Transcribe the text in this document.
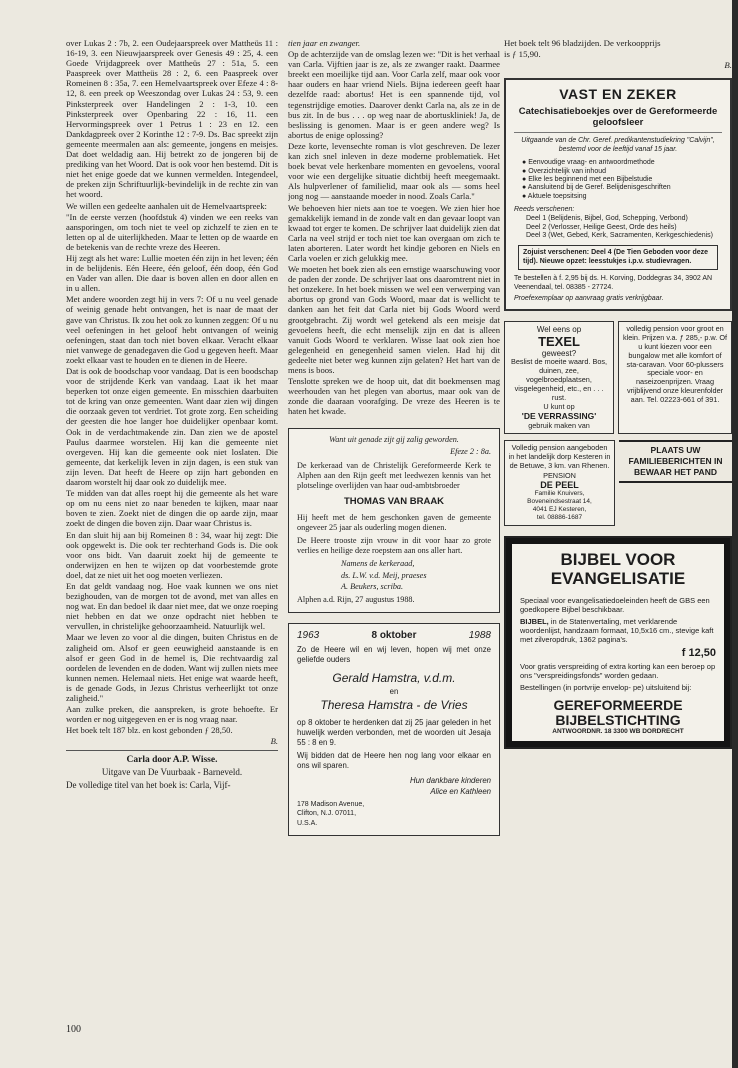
over Lukas 2 : 7b, 2. een Oudejaarspreek over Mattheüs 11 : 16-19, 3. een Nieuwjaarspreek over Genesis 49 : 25, 4. een Goede Vrijdagpreek over Mattheüs 27 : 51a, 5. een Paaspreek over Mattheüs 28 : 2, 6. een Paaspreek over Romeinen 8 : 35a, 7. een Hemelvaartspreek over Efeze 4 : 8-12, 8. een preek op Weeszondag over Lukas 24 : 53, 9. een Pinksterpreek over Handelingen 2 : 1-3, 10. een Pinksterpreek over Openbaring 22 : 16, 11. een Hervormingspreek over 1 Petrus 1 : 23 en 12. een Dankdagpreek over 2 Korinthe 12 : 7-9. Ds. Bac spreekt zijn gemeente meermalen aan als: gemeente, jongens en meisjes. Dat doet weldadig aan. Hij betrekt zo de jongeren bij de prediking van het Woord. Dat is ook voor hen bestemd. Dit is niet het enige goede dat we kunnen vermelden. Integendeel, de preken zijn Schriftuurlijk-bevindelijk in de rechte zin van het woord.

We willen een gedeelte aanhalen uit de Hemelvaartspreek:

"In de eerste verzen (hoofdstuk 4) vinden we een reeks van aansporingen, om toch niet te veel op zichzelf te zien en te letten op al de uiterlijkheden. Maar te letten op de waarde en de betekenis van de rechte vreze des Heeren.

Hij zegt als het ware: Lullie moeten één zijn in het leven; één in de belijdenis. Eén Heere, één geloof, één doop, één God en Vader van allen. Die daar is boven allen en door allen en in u allen.

Met andere woorden zegt hij in vers 7: Of u nu veel genade of weinig genade hebt ontvangen, het is naar de maat der gave van Christus. Ik zou het ook zo kunnen zeggen: Of u nu veel oefeningen in het geloof hebt ontvangen of weinig oefeningen, staat dan toch niet boven elkaar. Veracht elkaar niet vanwege de genadegaven die God u gegeven heeft. Maar zoekt elkaar vast te houden en te dienen in de Heere.

Dat is ook de boodschap voor vandaag. Dat is een boodschap voor de strijdende Kerk van vandaag. Laat ik het maar beperken tot onze eigen gemeente. En misschien daarbuiten tot de kring van onze gemeenten. Want daar zien wij dingen die oorzaak geven tot verdriet. Tot grote zorg. Een scheiding der geesten die hoe langer hoe duidelijker openbaar komt. Ook in de verdachtmakende zin. Dan zien we de apostel Paulus daarmee worstelen. Hij kan die gemeente niet overgeven. Hij kan die gemeente ook niet loslaten. Die gemeente, dat kerkelijk leven in zijn dagen, is een stuk van zijn leven. Dat heeft de Heere op zijn hart gebonden en daarom worstelt hij daar ook zo duidelijk mee.

Te midden van dat alles roept hij die gemeente als het ware op om nu eens niet zo naar beneden te kijken, maar naar boven te zien. Zoekt niet de dingen die op aarde zijn, maar zoekt de dingen die boven zijn. Daar waar Christus is.

En dan sluit hij aan bij Romeinen 8 : 34, waar hij zegt: Die ook opgewekt is. Die ook ter rechterhand Gods is. Die ook voor ons bidt. Van daaruit zoekt hij de gemeente te onderwijzen en hen te wijzen op dat voorbestemde grote doel, dat ze niet uit het oog moeten verliezen.

En dat geldt vandaag nog. Hoe vaak kunnen we ons niet bezighouden, van de morgen tot de avond, met van alles en nog wat. En dan bedoel ik daar niet mee, dat we onze roeping niet hebben en dat we onze opdracht niet hebben te vervullen, in christelijke gehoorzaamheid. Natuurlijk wel.

Maar we leven zo voor al die dingen, buiten Christus en de zaligheid om. Alsof er geen eeuwigheid aanstaande is en alsof er geen God in de hemel is, Die rechtvaardig zal oordelen de levenden en de doden. Want wij zullen niets mee kunnen nemen. Helemaal niets. Het enige wat waarde heeft, is de genade Gods, in Jezus Christus verheerlijkt tot onze zaligheid."

Aan zulke preken, die aanspreken, is grote behoefte. Er worden er nog uitgegeven en er is nog vraag naar.

Het boek telt 187 blz. en kost gebonden ƒ 28,50.

B.

Carla door A.P. Wisse.

Uitgave van De Vuurbaak - Barneveld.

De volledige titel van het boek is: Carla, Vijf-

100

tien jaar en zwanger.

Op de achterzijde van de omslag lezen we: "Dit is het verhaal van Carla. Vijftien jaar is ze, als ze zwanger raakt. Daarmee breekt een moeilijke tijd aan. Voor Carla zelf, maar ook voor haar ouders en haar vriend Niels. Bijna iedereen geeft haar dezelfde raad: abortus! Het is een spannende tijd, vol tegenstrijdige emoties. Daarover denkt Carla na, als ze in de bus zit. In de bus . . . op weg naar de abortuskliniek! Ja, de beslissing is genomen. Maar is er geen andere weg? Is abortus de enige oplossing?

Deze korte, levensechte roman is vlot geschreven. De lezer kan zich snel inleven in deze moderne problematiek. Het boek bevat vele herkenbare momenten en gevoelens, vooral voor wie een dergelijke situatie dichtbij heeft meegemaakt. Als hulpverlener of familielid, maar ook als — soms heel jong nog — aanstaande moeder in nood. Zoals Carla."

We behoeven hier niets aan toe te voegen. We zien hier hoe gemakkelijk iemand in de zonde valt en dan gevaar loopt van kwaad tot erger te komen. De schrijver laat duidelijk zien dat Carla na veel strijd er toch niet toe kan overgaan om zich te laten aborteren. Later wordt het kindje geboren en Niels en Carla voelen er zich gelukkig mee.

We moeten het boek zien als een ernstige waarschuwing voor de paden der zonde. De schrijver laat ons daaromtrent niet in het onzekere. In het boek missen we wel een verwerping van abortus op grond van Gods Woord, maar dat is wellicht te danken aan het feit dat Carla niet bij Gods Woord werd grootgebracht. Zij wordt wel getekend als een meisje dat gevoelens heeft, die echt menselijk zijn en dat is alleen vanuit Gods Woord te verklaren. Wisse laat ook zien hoe gelegenheid en genegenheid samen vielen. Had hij dit gedeelte niet beter weg kunnen zijn gelaten? Het hart van de mens is boos.

Tenslotte spreken we de hoop uit, dat dit boekmensen mag weerhouden van het plegen van abortus, maar ook van de zonde die daaraan voorafging. De vreze des Heeren is te haten het kwade.

Want uit genade zijt gij zalig geworden.

Efeze 2 : 8a.

De kerkeraad van de Christelijk Gereformeerde Kerk te Alphen aan den Rijn geeft met leedwezen kennis van het plotselinge overlijden van haar oud-ambtsbroeder

THOMAS VAN BRAAK

Hij heeft met de hem geschonken gaven de gemeente ongeveer 25 jaar als ouderling mogen dienen.

De Heere trooste zijn vrouw in dit voor haar zo grote verlies en heilige deze roepstem aan ons aller hart.

Namens de kerkeraad,

ds. L.W. v.d. Meij, praeses

A. Beukers, scriba.

Alphen a.d. Rijn, 27 augustus 1988.

1963	8 oktober	1988

Zo de Heere wil en wij leven, hopen wij met onze geliefde ouders

Gerald Hamstra, v.d.m.

en

Theresa Hamstra - de Vries

op 8 oktober te herdenken dat zij 25 jaar geleden in het huwelijk werden verbonden, met de woorden uit Jesaja 55 : 8 en 9.

Wij bidden dat de Heere hen nog lang voor elkaar en ons wil sparen.

Hun dankbare kinderen

Alice en Kathleen

178 Madison Avenue,

Clifton, N.J. 07011,

U.S.A.

Het boek telt 96 bladzijden. De verkoopprijs

is ƒ 15,90.

B.

VAST EN ZEKER
Catechisatieboekjes over de Gereformeerde geloofsleer
Uitgaande van de Chr. Geref. predikantenstudiekring "Calvijn", bestemd voor de leeftijd vanaf 15 jaar.
● Eenvoudige vraag- en antwoordmethode
● Overzichtelijk van inhoud
● Elke les beginnend met een Bijbelstudie
● Aansluitend bij de Geref. Belijdenisgeschriften
● Aktuele toepsitsing
Reeds verschenen:
Deel 1 (Belijdenis, Bijbel, God, Schepping, Verbond)
Deel 2 (Verlosser, Heilige Geest, Orde des heils)
Deel 3 (Wet, Gebed, Kerk, Sacramenten, Kerkgeschiedenis)
Zojuist verschenen: Deel 4 (De Tien Geboden voor deze tijd). Nieuwe opzet: leesstukjes i.p.v. studievragen.
Te bestellen à f. 2,95 bij ds. H. Korving, Doddegras 34, 3902 AN Veenendaal, tel. 08385 - 27724.
Proefexemplaar op aanvraag gratis verkrijgbaar.
Wel eens op
TEXEL
geweest?
Beslist de moeite waard. Bos, duinen, zee, vogelbroedplaatsen, visgelegenheid, etc., en . . . rust.
U kunt op
'DE VERRASSING'
gebruik maken van
volledig pension voor groot en klein. Prijzen v.a. ƒ 285,- p.w. Of u kunt kiezen voor een bungalow met alle komfort of sta-caravan. Voor 60-plussers speciale voor- en naseizoenprijzen. Vraag vrijblijvend onze kleurenfolder aan. Tel. 02223-661 of 391.
Volledig pension aangeboden in het landelijk dorp Kesteren in de Betuwe, 3 km. van Rhenen.
PENSION
DE PEEL
Familie Knuivers,
Boveneindsestraat 14,
4041 EJ Kesteren,
tel. 08886-1687
PLAATS UW FAMILIEBERICHTEN IN BEWAAR HET PAND
BIJBEL VOOR
EVANGELISATIE
Speciaal voor evangelisatiedoeleinden heeft de GBS een goedkopere Bijbel beschikbaar.
BIJBEL, in de Statenvertaling, met verklarende woordenlijst, handzaam formaat, 10,5x16 cm., stevige kaft met zilveropdruk, 1362 pagina's.
f 12,50
Voor gratis verspreiding of extra korting kan een beroep op ons "verspreidingsfonds" worden gedaan.
Bestellingen (in portvrije envelop- pe) uitsluitend bij:
GEREFORMEERDE
BIJBELSTICHTING
ANTWOORDNR. 18 3300 WB DORDRECHT
